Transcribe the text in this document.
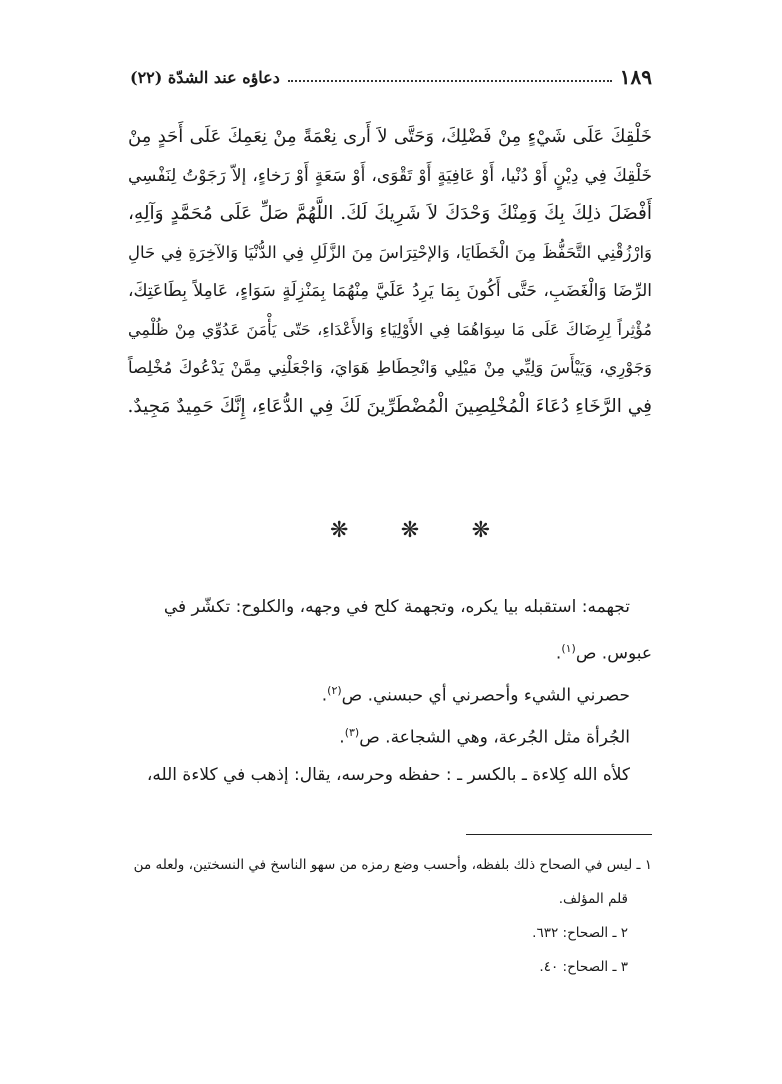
دعاؤه عند الشدّة (٢٢)	١٨٩
خَلْقِكَ عَلَى شَيْءٍ مِنْ فَضْلِكَ، وَحَتَّى لاَ أَرى نِعْمَةً مِنْ نِعَمِكَ عَلَى أَحَدٍ مِنْ
خَلْقِكَ فِي دِيْنٍ أَوْ دُنْيا، أَوْ عَافِيَةٍ أَوْ تَقْوَى، أَوْ سَعَةٍ أَوْ رَخاءٍ، إلاّ رَجَوْتُ لِنَفْسِي
أَفْضَلَ ذلِكَ بِكَ وَمِنْكَ وَحْدَكَ لاَ شَرِيكَ لَكَ. اللَّهُمَّ صَلِّ عَلَى مُحَمَّدٍ وَآلِهِ،
وَارْزُقْنِي التَّحَفُّظَ مِنَ الْخَطَايَا، وَالإحْتِرَاسَ مِنَ الزَّلَلِ فِي الدُّنْيَا وَالآخِرَةِ فِي حَالِ
الرِّضَا وَالْغَضَبِ، حَتَّى أَكُونَ بِمَا يَرِدُ عَلَيَّ مِنْهُمَا بِمَنْزِلَةٍ سَوَاءٍ، عَامِلاً بِطَاعَتِكَ،
مُؤْثِراً لِرِضَاكَ عَلَى مَا سِوَاهُمَا فِي الأَوْلِيَاءِ وَالأَعْدَاءِ، حَتّى يَأْمَنَ عَدُوِّي مِنْ ظُلْمِي
وَجَوْرِي، وَيَيْأَسَ وَلِيِّي مِنْ مَيْلِي وَانْحِطَاطِ هَوَايَ، وَاجْعَلْنِي مِمَّنْ يَدْعُوكَ مُخْلِصاً
فِي الرَّخَاءِ دُعَاءَ الْمُخْلِصِينَ الْمُضْطَرِّينَ لَكَ فِي الدُّعَاءِ، إِنَّكَ حَمِيدٌ مَجِيدٌ.
❋
❋
❋
تجهمه: استقبله بيا يكره، وتجهمة كلح في وجهه، والكلوح: تكشّر في
عبوس. ص$^{(١)}$.
حصرني الشيء وأحصرني أي حبسني. ص$^{(٢)}$.
الجُرأة مثل الجُرعة، وهي الشجاعة. ص$^{(٣)}$.
كلأه الله كِلاءة ـ بالكسر ـ : حفظه وحرسه، يقال: إذهب في كلاءة الله،
١ ـ ليس في الصحاح ذلك بلفظه، وأحسب وضع رمزه من سهو الناسخ في النسختين، ولعله من
قلم المؤلف.
٢ ـ الصحاح: ٦٣٢.
٣ ـ الصحاح: ٤٠.
